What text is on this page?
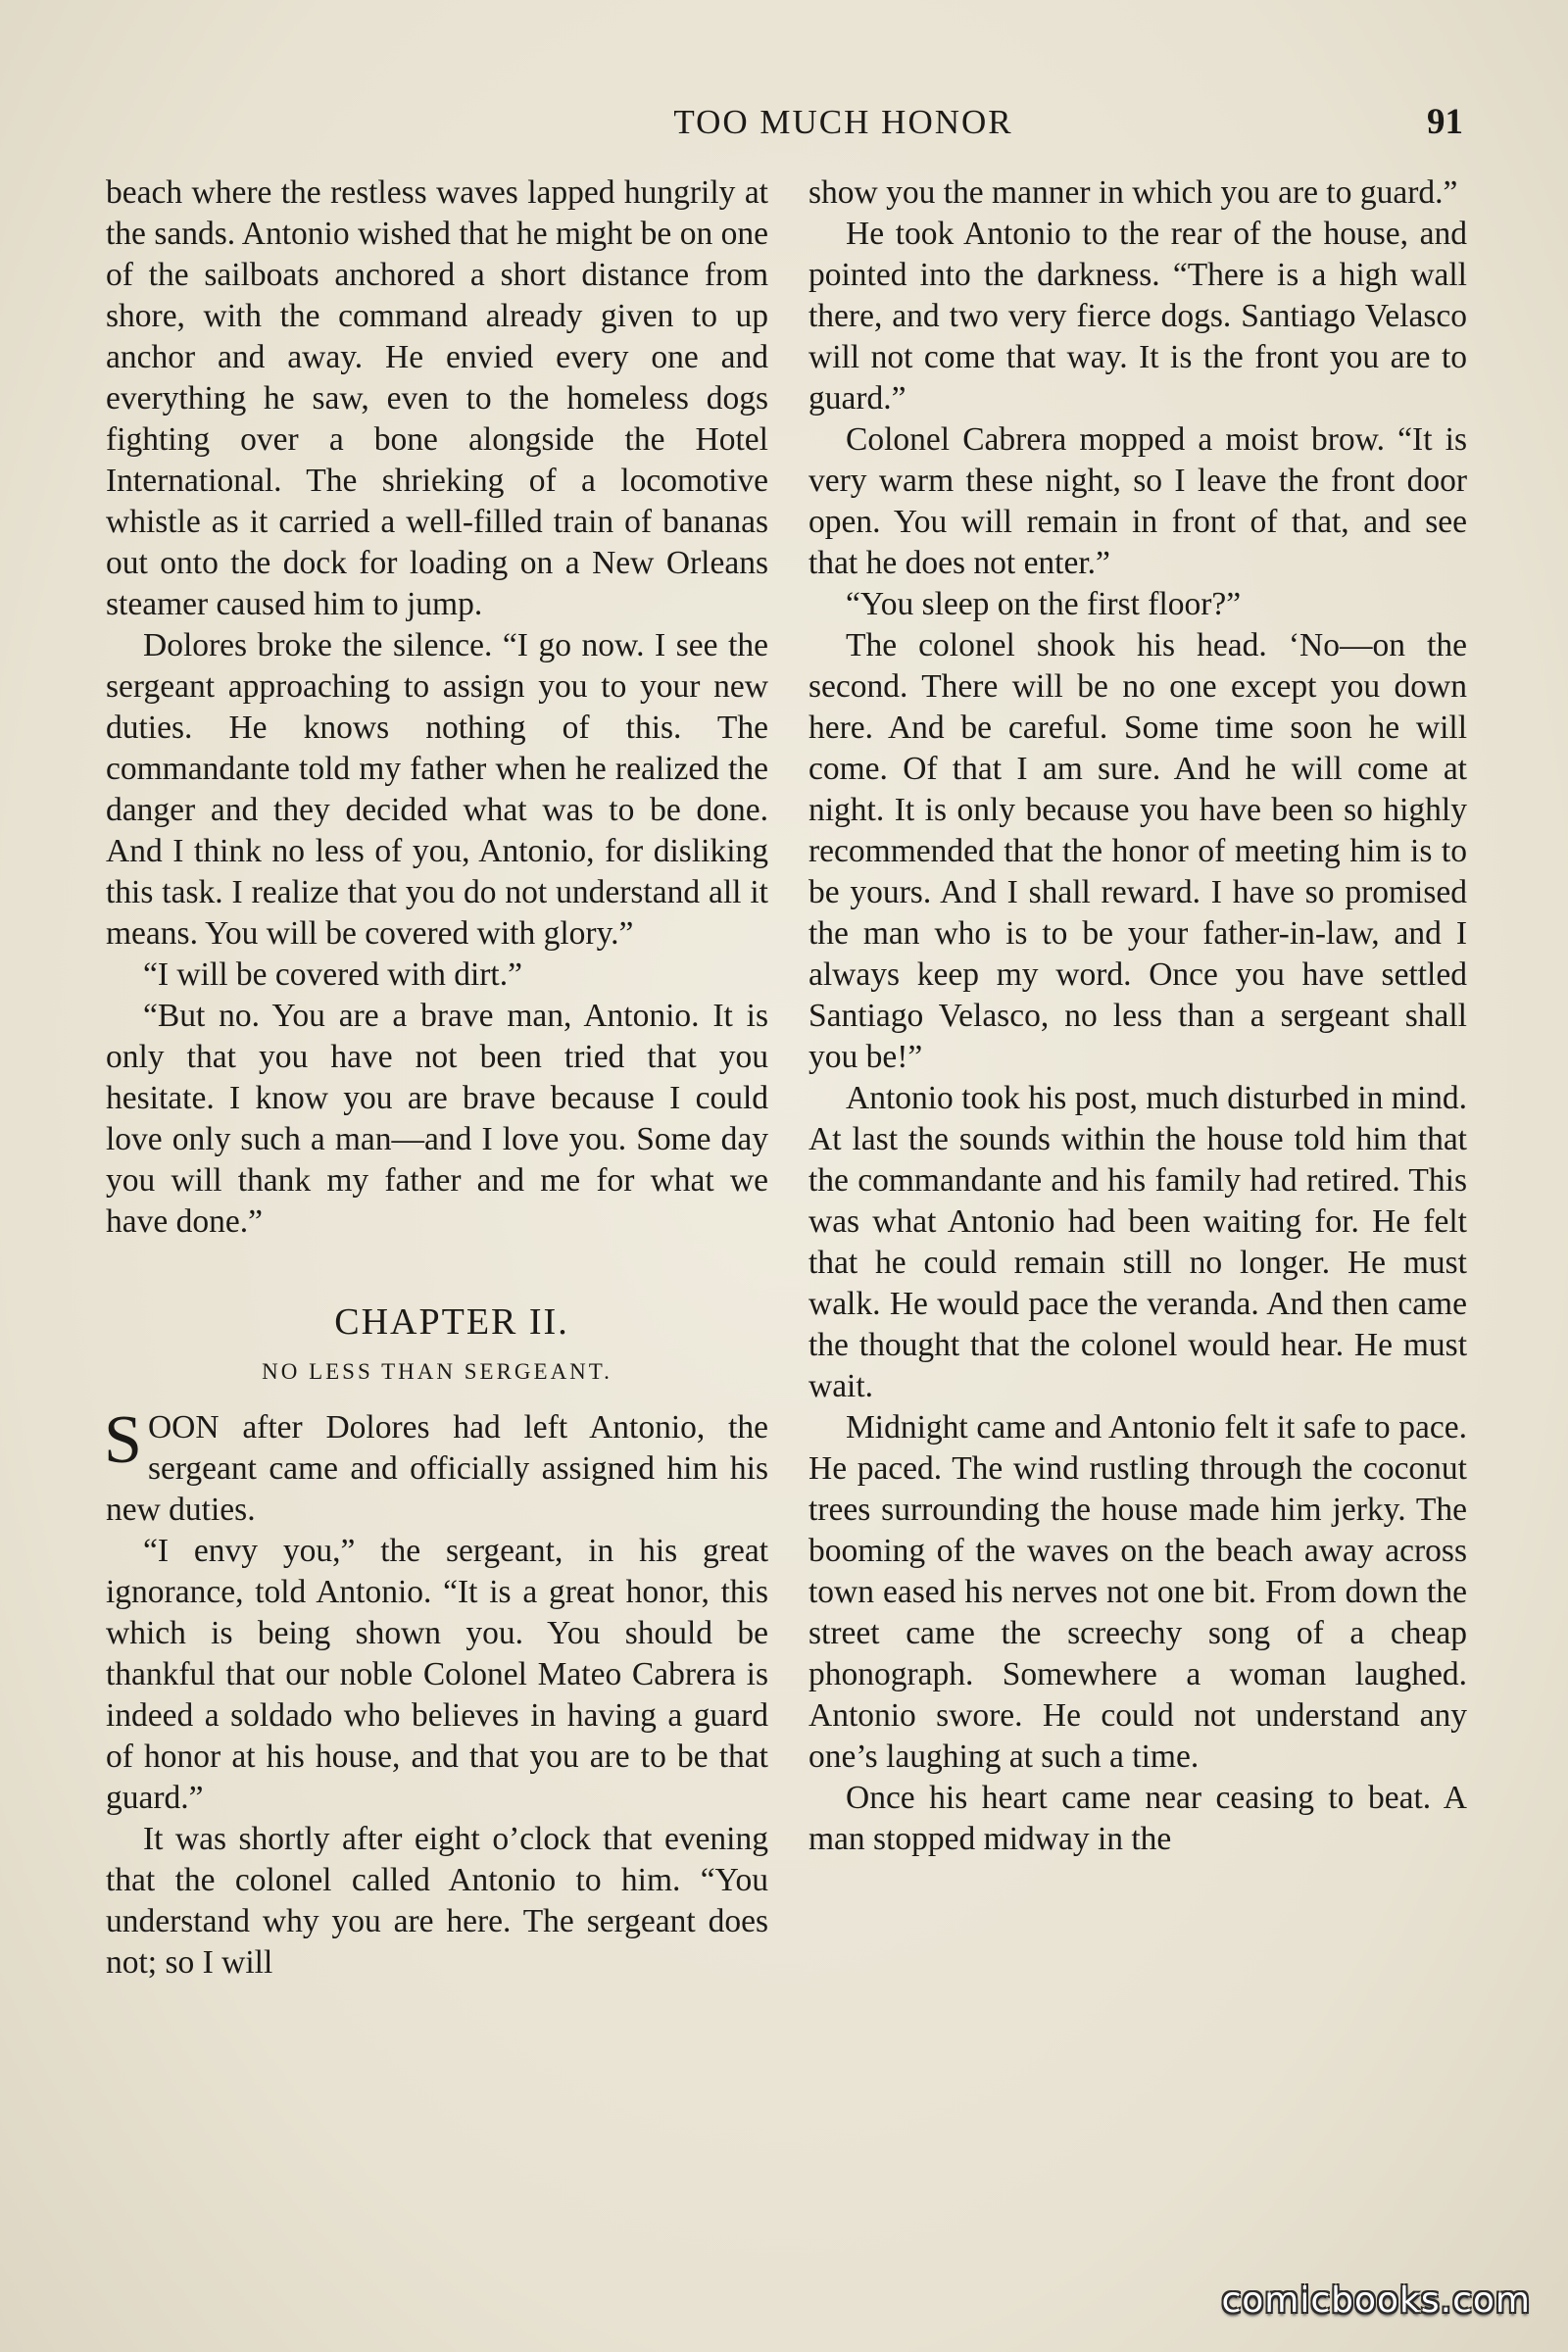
TOO MUCH HONOR	91

beach where the restless waves lapped hungrily at the sands. Antonio wished that he might be on one of the sailboats anchored a short distance from shore, with the command already given to up anchor and away. He envied every one and everything he saw, even to the homeless dogs fighting over a bone alongside the Hotel International. The shrieking of a locomotive whistle as it carried a well-filled train of bananas out onto the dock for loading on a New Orleans steamer caused him to jump.

Dolores broke the silence. “I go now. I see the sergeant approaching to assign you to your new duties. He knows nothing of this. The commandante told my father when he realized the danger and they decided what was to be done. And I think no less of you, Antonio, for disliking this task. I realize that you do not understand all it means. You will be covered with glory.”

“I will be covered with dirt.”

“But no. You are a brave man, Antonio. It is only that you have not been tried that you hesitate. I know you are brave because I could love only such a man—and I love you. Some day you will thank my father and me for what we have done.”

CHAPTER II.
NO LESS THAN SERGEANT.

SOON after Dolores had left Antonio, the sergeant came and officially assigned him his new duties.

“I envy you,” the sergeant, in his great ignorance, told Antonio. “It is a great honor, this which is being shown you. You should be thankful that our noble Colonel Mateo Cabrera is indeed a soldado who believes in having a guard of honor at his house, and that you are to be that guard.”

It was shortly after eight o’clock that evening that the colonel called Antonio to him. “You understand why you are here. The sergeant does not; so I will

show you the manner in which you are to guard.”

He took Antonio to the rear of the house, and pointed into the darkness. “There is a high wall there, and two very fierce dogs. Santiago Velasco will not come that way. It is the front you are to guard.”

Colonel Cabrera mopped a moist brow. “It is very warm these night, so I leave the front door open. You will remain in front of that, and see that he does not enter.”

“You sleep on the first floor?”

The colonel shook his head. ‘No—on the second. There will be no one except you down here. And be careful. Some time soon he will come. Of that I am sure. And he will come at night. It is only because you have been so highly recommended that the honor of meeting him is to be yours. And I shall reward. I have so promised the man who is to be your father-in-law, and I always keep my word. Once you have settled Santiago Velasco, no less than a sergeant shall you be!”

Antonio took his post, much disturbed in mind. At last the sounds within the house told him that the commandante and his family had retired. This was what Antonio had been waiting for. He felt that he could remain still no longer. He must walk. He would pace the veranda. And then came the thought that the colonel would hear. He must wait.

Midnight came and Antonio felt it safe to pace. He paced. The wind rustling through the coconut trees surrounding the house made him jerky. The booming of the waves on the beach away across town eased his nerves not one bit. From down the street came the screechy song of a cheap phonograph. Somewhere a woman laughed. Antonio swore. He could not understand any one’s laughing at such a time.

Once his heart came near ceasing to beat. A man stopped midway in the

comicbooks.com
